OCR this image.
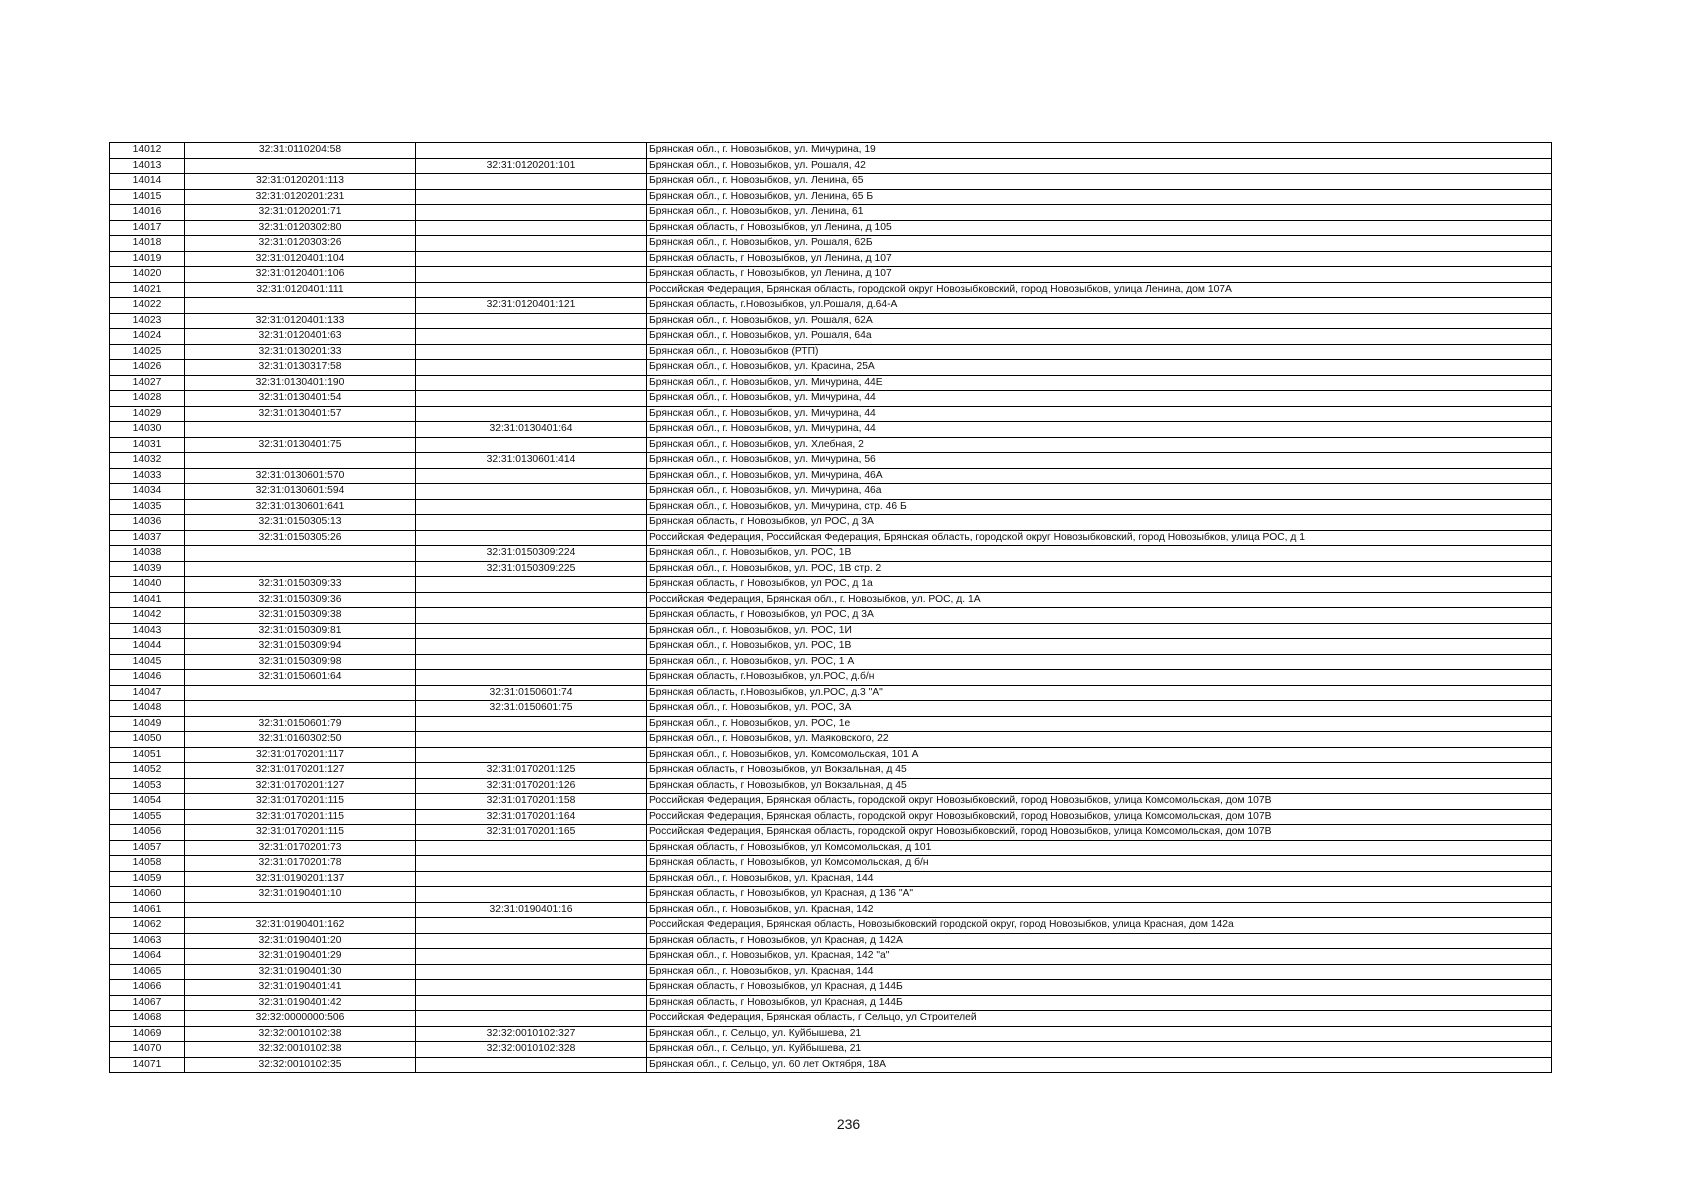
14012	32:31:0110204:58		Брянская обл., г. Новозыбков, ул. Мичурина, 19
14013		32:31:0120201:101	Брянская обл., г. Новозыбков, ул. Рошаля, 42
14014	32:31:0120201:113		Брянская обл., г. Новозыбков, ул. Ленина, 65
14015	32:31:0120201:231		Брянская обл., г. Новозыбков, ул. Ленина, 65 Б
14016	32:31:0120201:71		Брянская обл., г. Новозыбков, ул. Ленина, 61
14017	32:31:0120302:80		Брянская область, г Новозыбков, ул Ленина, д 105
14018	32:31:0120303:26		Брянская обл., г. Новозыбков, ул. Рошаля, 62Б
14019	32:31:0120401:104		Брянская область, г Новозыбков, ул Ленина, д 107
14020	32:31:0120401:106		Брянская область, г Новозыбков, ул Ленина, д 107
14021	32:31:0120401:111		Российская Федерация, Брянская область, городской округ Новозыбковский, город Новозыбков, улица Ленина, дом 107А
14022		32:31:0120401:121	Брянская область, г.Новозыбков, ул.Рошаля, д.64-А
14023	32:31:0120401:133		Брянская обл., г. Новозыбков, ул. Рошаля, 62А
14024	32:31:0120401:63		Брянская обл., г. Новозыбков, ул. Рошаля, 64а
14025	32:31:0130201:33		Брянская обл., г. Новозыбков (РТП)
14026	32:31:0130317:58		Брянская обл., г. Новозыбков, ул. Красина, 25А
14027	32:31:0130401:190		Брянская обл., г. Новозыбков, ул. Мичурина, 44Е
14028	32:31:0130401:54		Брянская обл., г. Новозыбков, ул. Мичурина, 44
14029	32:31:0130401:57		Брянская обл., г. Новозыбков, ул. Мичурина, 44
14030		32:31:0130401:64	Брянская обл., г. Новозыбков, ул. Мичурина, 44
14031	32:31:0130401:75		Брянская обл., г. Новозыбков, ул. Хлебная, 2
14032		32:31:0130601:414	Брянская обл., г. Новозыбков, ул. Мичурина, 56
14033	32:31:0130601:570		Брянская обл., г. Новозыбков, ул. Мичурина, 46А
14034	32:31:0130601:594		Брянская обл., г. Новозыбков, ул. Мичурина, 46а
14035	32:31:0130601:641		Брянская обл., г. Новозыбков, ул. Мичурина, стр. 46 Б
14036	32:31:0150305:13		Брянская область, г Новозыбков, ул РОС, д 3А
14037	32:31:0150305:26		Российская Федерация, Российская Федерация, Брянская область, городской округ Новозыбковский, город Новозыбков, улица РОС, д 1
14038		32:31:0150309:224	Брянская обл., г. Новозыбков, ул. РОС, 1В
14039		32:31:0150309:225	Брянская обл., г. Новозыбков, ул. РОС, 1В стр. 2
14040	32:31:0150309:33		Брянская область, г Новозыбков, ул РОС, д 1а
14041	32:31:0150309:36		Российская Федерация, Брянская обл., г. Новозыбков, ул. РОС, д. 1А
14042	32:31:0150309:38		Брянская область, г Новозыбков, ул РОС, д 3А
14043	32:31:0150309:81		Брянская обл., г. Новозыбков, ул. РОС, 1И
14044	32:31:0150309:94		Брянская обл., г. Новозыбков, ул. РОС, 1В
14045	32:31:0150309:98		Брянская обл., г. Новозыбков, ул. РОС, 1 А
14046	32:31:0150601:64		Брянская область, г.Новозыбков, ул.РОС, д.б/н
14047		32:31:0150601:74	Брянская область, г.Новозыбков, ул.РОС, д.3 "А"
14048		32:31:0150601:75	Брянская обл., г. Новозыбков, ул. РОС, 3А
14049	32:31:0150601:79		Брянская обл., г. Новозыбков, ул. РОС, 1е
14050	32:31:0160302:50		Брянская обл., г. Новозыбков, ул. Маяковского, 22
14051	32:31:0170201:117		Брянская обл., г. Новозыбков, ул. Комсомольская, 101 А
14052	32:31:0170201:127	32:31:0170201:125	Брянская область, г Новозыбков, ул Вокзальная, д 45
14053	32:31:0170201:127	32:31:0170201:126	Брянская область, г Новозыбков, ул Вокзальная, д 45
14054	32:31:0170201:115	32:31:0170201:158	Российская Федерация, Брянская область, городской округ Новозыбковский, город Новозыбков, улица Комсомольская, дом 107В
14055	32:31:0170201:115	32:31:0170201:164	Российская Федерация, Брянская область, городской округ Новозыбковский, город Новозыбков, улица Комсомольская, дом 107В
14056	32:31:0170201:115	32:31:0170201:165	Российская Федерация, Брянская область, городской округ Новозыбковский, город Новозыбков, улица Комсомольская, дом 107В
14057	32:31:0170201:73		Брянская область, г Новозыбков, ул Комсомольская, д 101
14058	32:31:0170201:78		Брянская область, г Новозыбков, ул Комсомольская, д б/н
14059	32:31:0190201:137		Брянская обл., г. Новозыбков, ул. Красная, 144
14060	32:31:0190401:10		Брянская область, г Новозыбков, ул Красная, д 136 "А"
14061		32:31:0190401:16	Брянская обл., г. Новозыбков, ул. Красная, 142
14062	32:31:0190401:162		Российская Федерация, Брянская область, Новозыбковский городской округ, город Новозыбков, улица Красная, дом 142а
14063	32:31:0190401:20		Брянская область, г Новозыбков, ул Красная, д 142А
14064	32:31:0190401:29		Брянская обл., г. Новозыбков, ул. Красная, 142 "а"
14065	32:31:0190401:30		Брянская обл., г. Новозыбков, ул. Красная, 144
14066	32:31:0190401:41		Брянская область, г Новозыбков, ул Красная, д 144Б
14067	32:31:0190401:42		Брянская область, г Новозыбков, ул Красная, д 144Б
14068	32:32:0000000:506		Российская Федерация, Брянская область, г Сельцо, ул Строителей
14069	32:32:0010102:38	32:32:0010102:327	Брянская обл., г. Сельцо, ул. Куйбышева, 21
14070	32:32:0010102:38	32:32:0010102:328	Брянская обл., г. Сельцо, ул. Куйбышева, 21
14071	32:32:0010102:35		Брянская обл., г. Сельцо, ул. 60 лет Октября, 18А
236
